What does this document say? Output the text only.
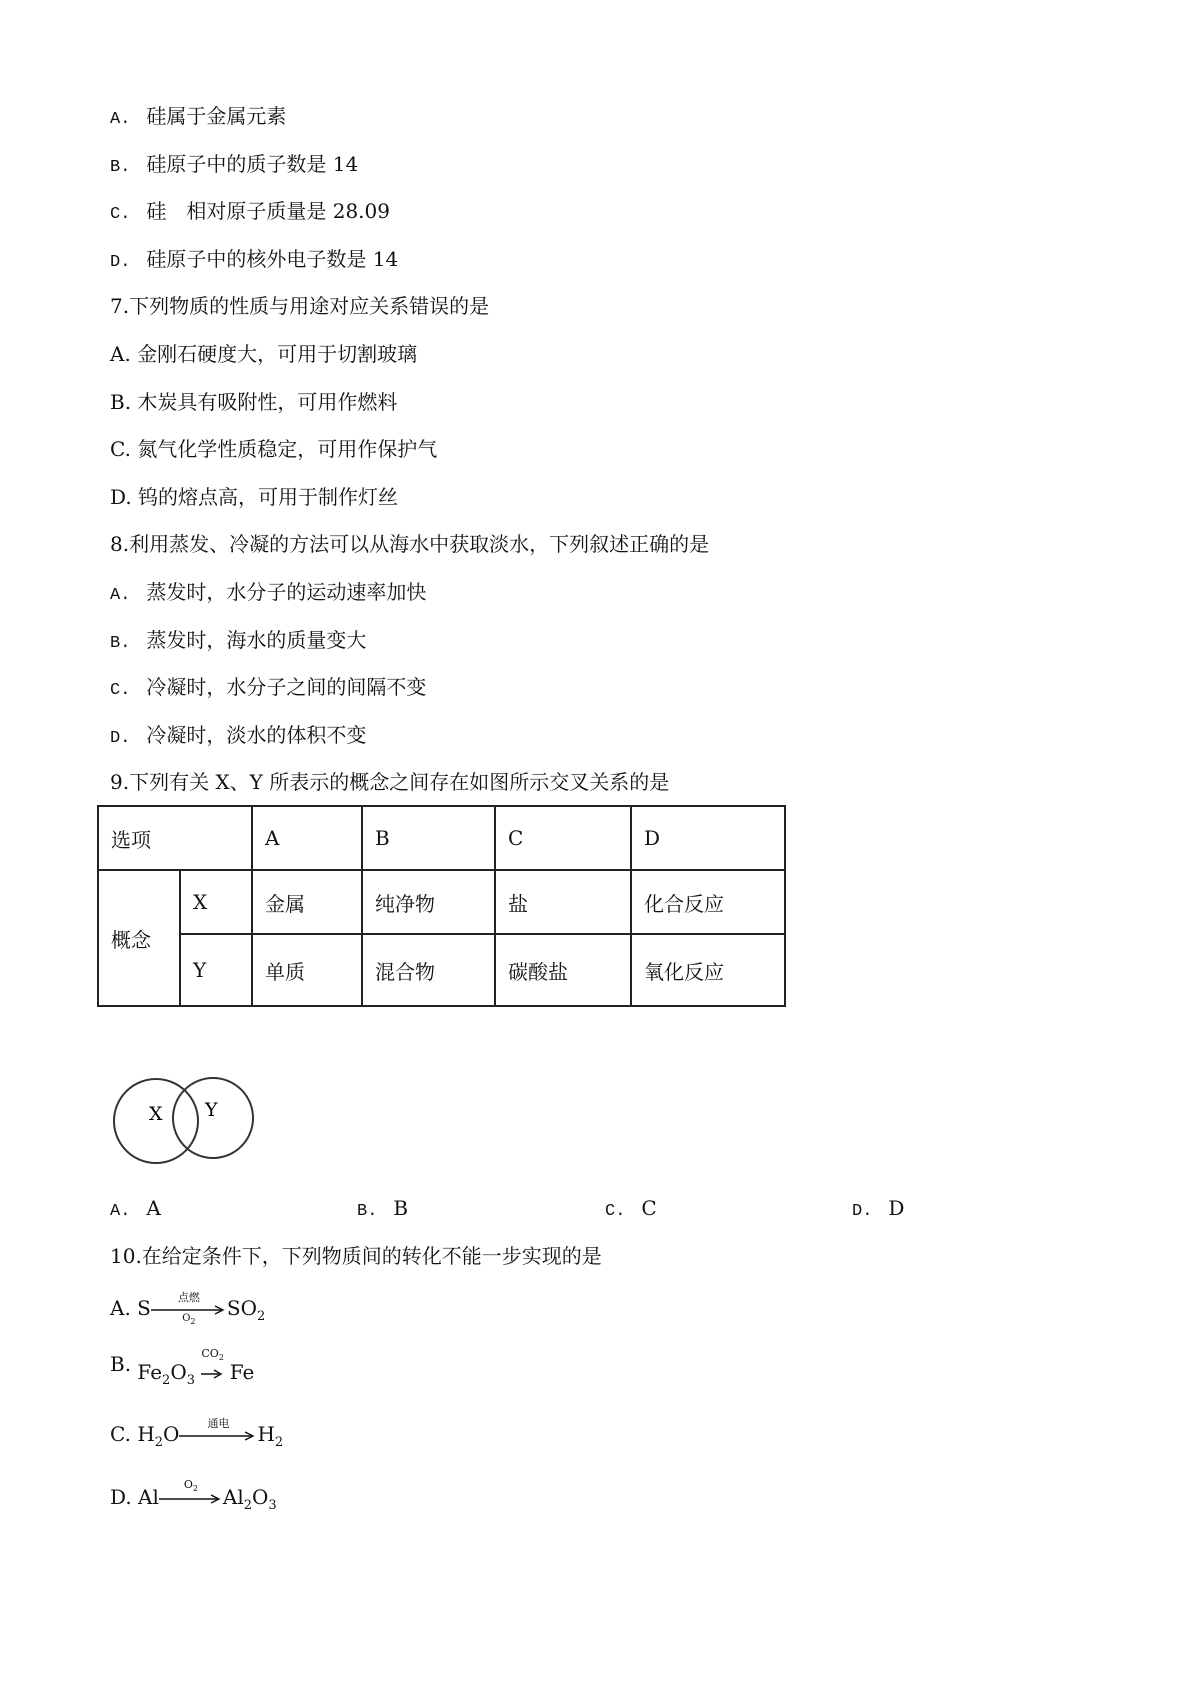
A. 硅属于金属元素
B. 硅原子中的质子数是 14
C. 硅　相对原子质量是 28.09
D. 硅原子中的核外电子数是 14
7.下列物质的性质与用途对应关系错误的是
A. 金刚石硬度大，可用于切割玻璃
B. 木炭具有吸附性，可用作燃料
C. 氮气化学性质稳定，可用作保护气
D. 钨的熔点高，可用于制作灯丝
8.利用蒸发、冷凝的方法可以从海水中获取淡水，下列叙述正确的是
A. 蒸发时，水分子的运动速率加快
B. 蒸发时，海水的质量变大
C. 冷凝时，水分子之间的间隔不变
D. 冷凝时，淡水的体积不变
9.下列有关 X、Y 所表示的概念之间存在如图所示交叉关系的是
选项		A	B	C	D
概念	X	金属	纯净物	盐	化合反应
	Y	单质	混合物	碳酸盐	氧化反应
X Y
A. A	B. B	C. C	D. D
10.在给定条件下，下列物质间的转化不能一步实现的是
A. S	点燃
$O_2$
$SO_2$
B. $Fe_2O_3$
$CO_2$
Fe
C. $H_2O$	通电	$H_2$
D. Al
$O_2$	$Al_2O_3$
